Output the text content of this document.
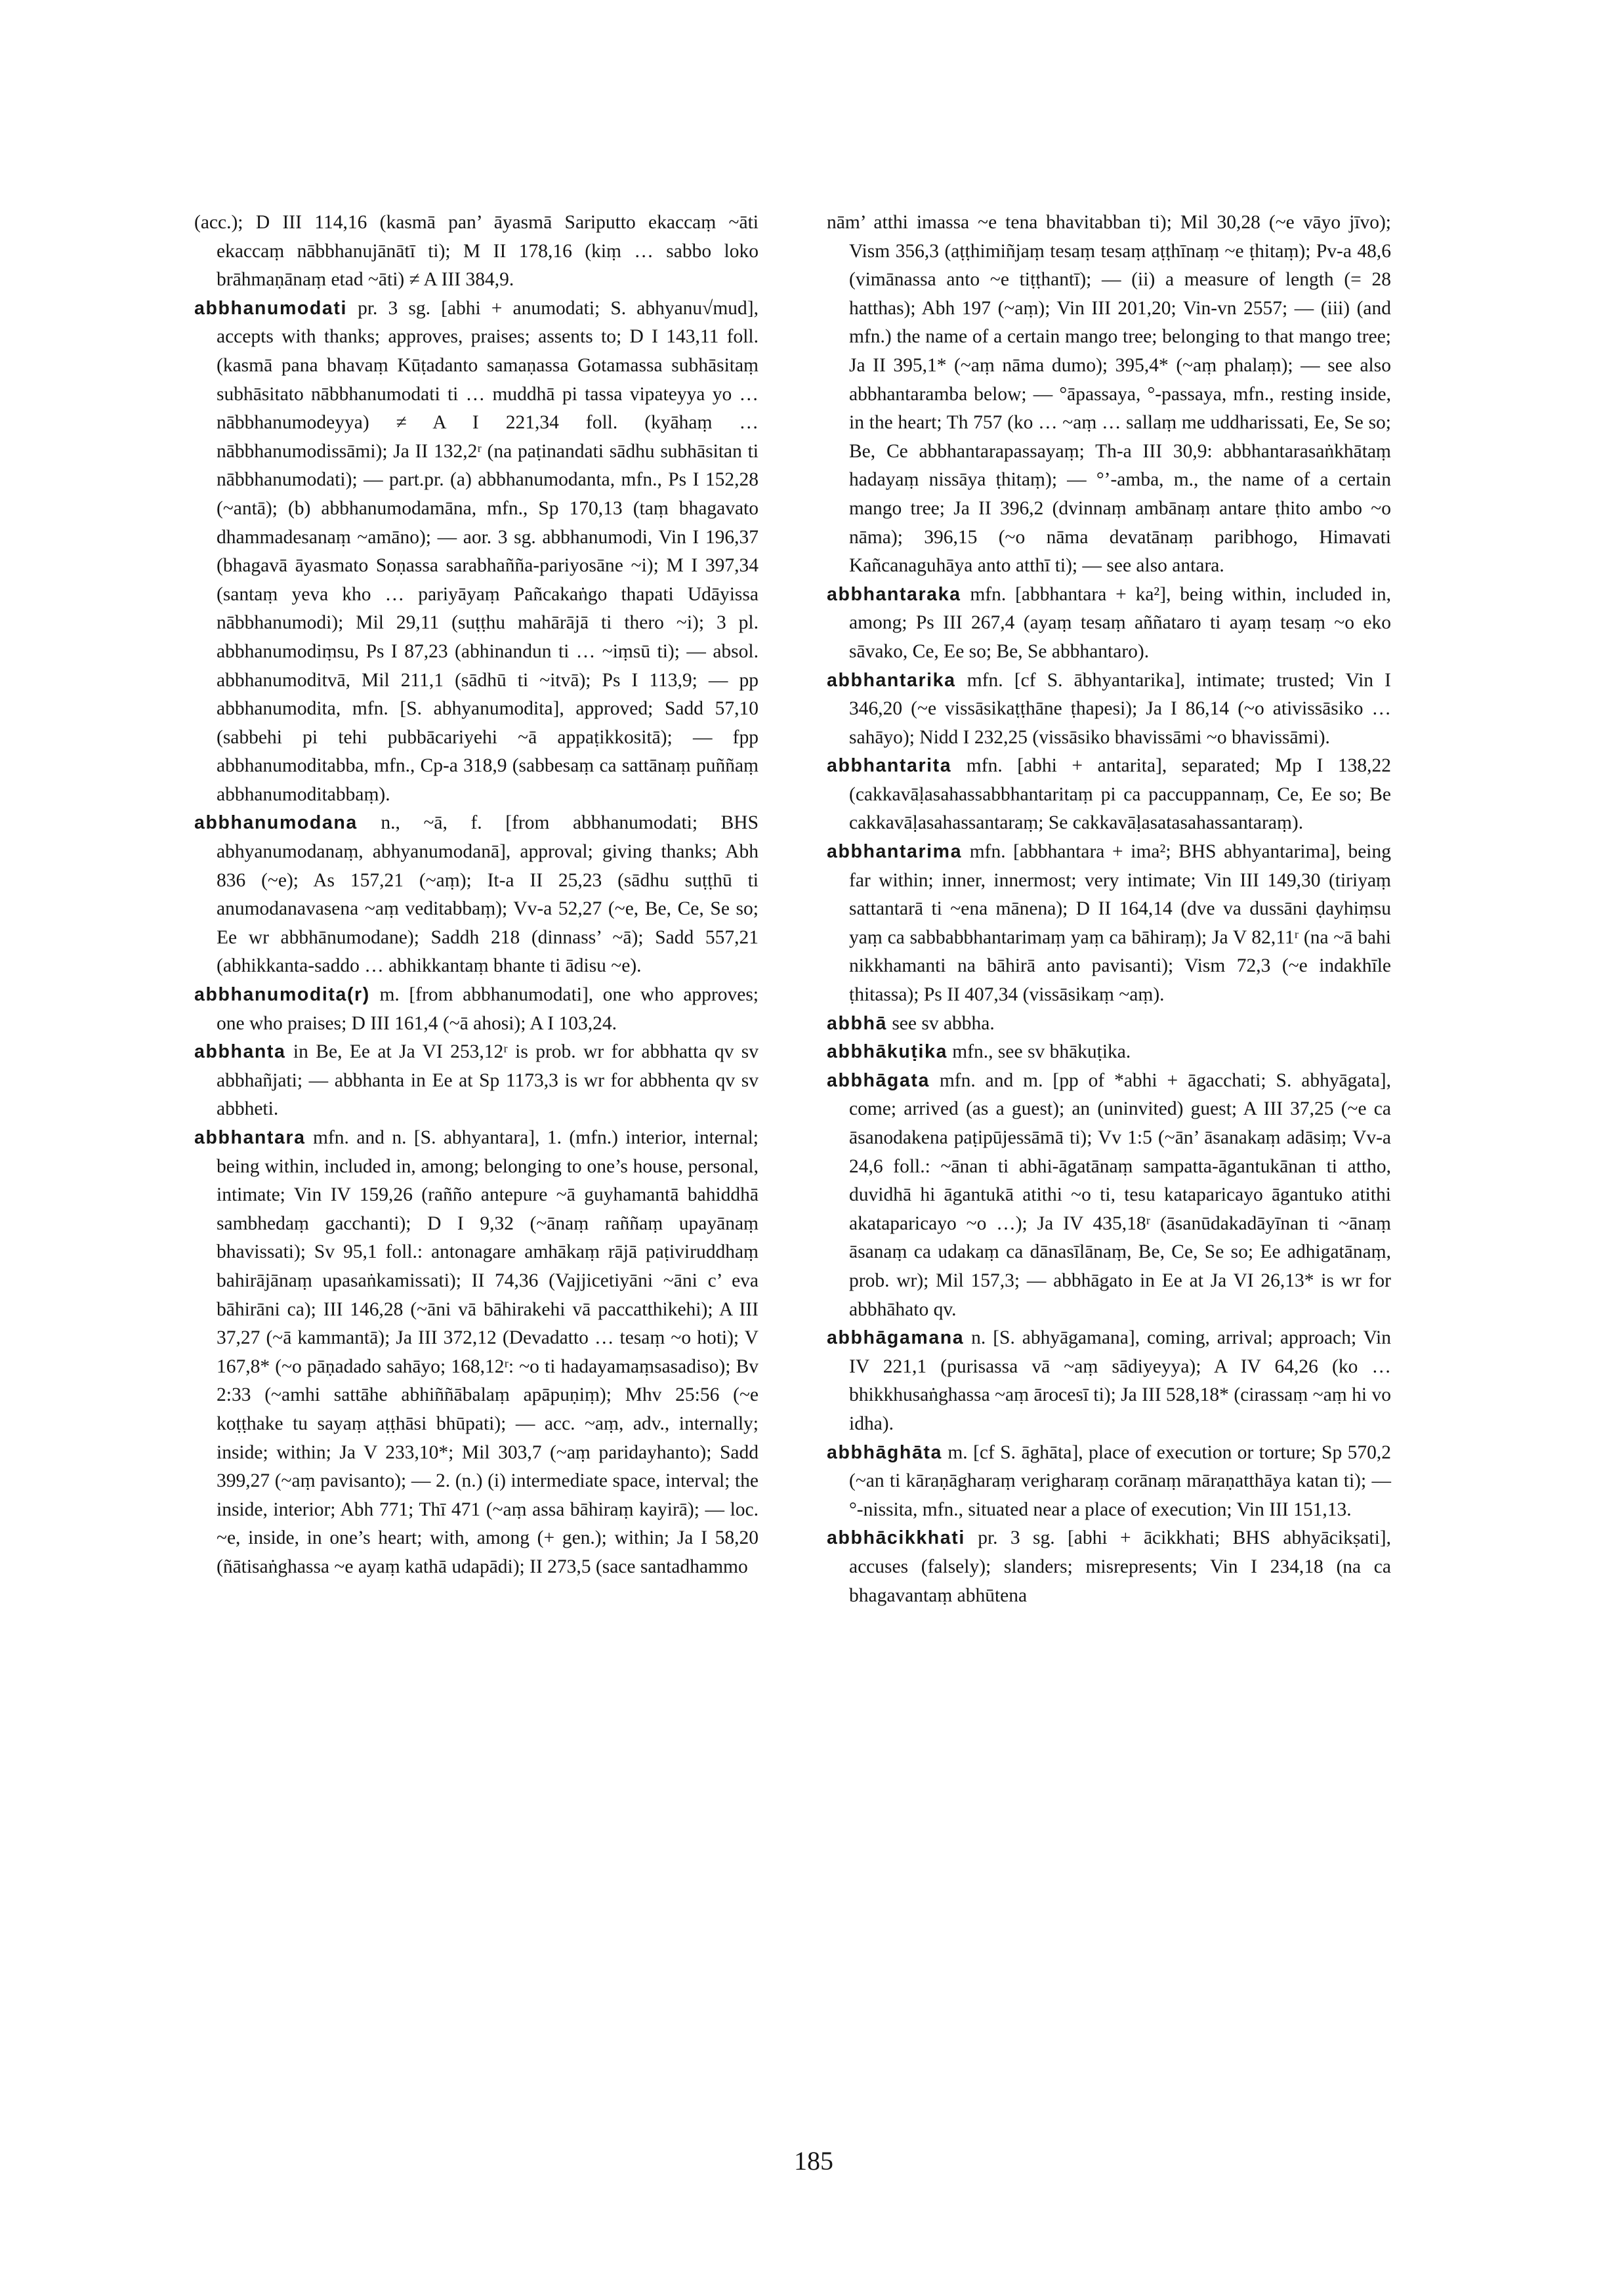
(acc.); D III 114,16 (kasmā pan’ āyasmā Sariputto ekaccaṃ ~āti ekaccaṃ nābbhanujānātī ti); M II 178,16 (kiṃ … sabbo loko brāhmaṇānaṃ etad ~āti) ≠ A III 384,9.

abbhanumodati pr. 3 sg. [abhi + anumodati; S. abhyanu√mud], accepts with thanks; approves, praises; assents to; D I 143,11 foll. (kasmā pana bhavaṃ Kūṭadanto samaṇassa Gotamassa subhāsitaṃ subhāsitato nābbhanumodati ti … muddhā pi tassa vipateyya yo … nābbhanumodeyya) ≠ A I 221,34 foll. (kyāhaṃ … nābbhanumodissāmi); Ja II 132,2ʳ (na paṭinandati sādhu subhāsitan ti nābbhanumodati); — part.pr. (a) abbhanumodanta, mfn., Ps I 152,28 (~antā); (b) abbhanumodamāna, mfn., Sp 170,13 (taṃ bhagavato dhammadesanaṃ ~amāno); — aor. 3 sg. abbhanumodi, Vin I 196,37 (bhagavā āyasmato Soṇassa sarabhañña-pariyosāne ~i); M I 397,34 (santaṃ yeva kho … pariyāyaṃ Pañcakaṅgo thapati Udāyissa nābbhanumodi); Mil 29,11 (suṭṭhu mahārājā ti thero ~i); 3 pl. abbhanumodiṃsu, Ps I 87,23 (abhinandun ti … ~iṃsū ti); — absol. abbhanumoditvā, Mil 211,1 (sādhū ti ~itvā); Ps I 113,9; — pp abbhanumodita, mfn. [S. abhyanumodita], approved; Sadd 57,10 (sabbehi pi tehi pubbācariyehi ~ā appaṭikkositā); — fpp abbhanumoditabba, mfn., Cp-a 318,9 (sabbesaṃ ca sattānaṃ puññaṃ abbhanumoditabbaṃ).

abbhanumodana n., ~ā, f. [from abbhanumodati; BHS abhyanumodanaṃ, abhyanumodanā], approval; giving thanks; Abh 836 (~e); As 157,21 (~aṃ); It-a II 25,23 (sādhu suṭṭhū ti anumodanavasena ~aṃ veditabbaṃ); Vv-a 52,27 (~e, Be, Ce, Se so; Ee wr abbhānumodane); Saddh 218 (dinnass’ ~ā); Sadd 557,21 (abhikkanta-saddo … abhikkantaṃ bhante ti ādisu ~e).

abbhanumodita(r) m. [from abbhanumodati], one who approves; one who praises; D III 161,4 (~ā ahosi); A I 103,24.

abbhanta in Be, Ee at Ja VI 253,12ʳ is prob. wr for abbhatta qv sv abbhañjati; — abbhanta in Ee at Sp 1173,3 is wr for abbhenta qv sv abbheti.

abbhantara mfn. and n. [S. abhyantara], 1. (mfn.) interior, internal; being within, included in, among; belonging to one’s house, personal, intimate; Vin IV 159,26 (rañño antepure ~ā guyhamantā bahiddhā sambhedaṃ gacchanti); D I 9,32 (~ānaṃ raññaṃ upayānaṃ bhavissati); Sv 95,1 foll.: antonagare amhākaṃ rājā paṭiviruddhaṃ bahirājānaṃ upasaṅkamissati); II 74,36 (Vajjicetiyāni ~āni c’ eva bāhirāni ca); III 146,28 (~āni vā bāhirakehi vā paccatthikehi); A III 37,27 (~ā kammantā); Ja III 372,12 (Devadatto … tesaṃ ~o hoti); V 167,8* (~o pāṇadado sahāyo; 168,12ʳ: ~o ti hadayamaṃsasadiso); Bv 2:33 (~amhi sattāhe abhiññābalaṃ apāpuṇiṃ); Mhv 25:56 (~e koṭṭhake tu sayaṃ aṭṭhāsi bhūpati); — acc. ~aṃ, adv., internally; inside; within; Ja V 233,10*; Mil 303,7 (~aṃ paridayhanto); Sadd 399,27 (~aṃ pavisanto); — 2. (n.) (i) intermediate space, interval; the inside, interior; Abh 771; Thī 471 (~aṃ assa bāhiraṃ kayirā); — loc. ~e, inside, in one’s heart; with, among (+ gen.); within; Ja I 58,20 (ñātisaṅghassa ~e ayaṃ kathā udapādi); II 273,5 (sace santadhammo

nām’ atthi imassa ~e tena bhavitabban ti); Mil 30,28 (~e vāyo jīvo); Vism 356,3 (aṭṭhimiñjaṃ tesaṃ tesaṃ aṭṭhīnaṃ ~e ṭhitaṃ); Pv-a 48,6 (vimānassa anto ~e tiṭṭhantī); — (ii) a measure of length (= 28 hatthas); Abh 197 (~aṃ); Vin III 201,20; Vin-vn 2557; — (iii) (and mfn.) the name of a certain mango tree; belonging to that mango tree; Ja II 395,1* (~aṃ nāma dumo); 395,4* (~aṃ phalaṃ); — see also abbhantaramba below; — °āpassaya, °-passaya, mfn., resting inside, in the heart; Th 757 (ko … ~aṃ … sallaṃ me uddharissati, Ee, Se so; Be, Ce abbhantarapassayaṃ; Th-a III 30,9: abbhantarasaṅkhātaṃ hadayaṃ nissāya ṭhitaṃ); — °’-amba, m., the name of a certain mango tree; Ja II 396,2 (dvinnaṃ ambānaṃ antare ṭhito ambo ~o nāma); 396,15 (~o nāma devatānaṃ paribhogo, Himavati Kañcanaguhāya anto atthī ti); — see also antara.

abbhantaraka mfn. [abbhantara + ka²], being within, included in, among; Ps III 267,4 (ayaṃ tesaṃ aññataro ti ayaṃ tesaṃ ~o eko sāvako, Ce, Ee so; Be, Se abbhantaro).

abbhantarika mfn. [cf S. ābhyantarika], intimate; trusted; Vin I 346,20 (~e vissāsikaṭṭhāne ṭhapesi); Ja I 86,14 (~o ativissāsiko … sahāyo); Nidd I 232,25 (vissāsiko bhavissāmi ~o bhavissāmi).

abbhantarita mfn. [abhi + antarita], separated; Mp I 138,22 (cakkavāḷasahassabbhantaritaṃ pi ca paccuppannaṃ, Ce, Ee so; Be cakkavāḷasahassantaraṃ; Se cakkavāḷasatasahassantaraṃ).

abbhantarima mfn. [abbhantara + ima²; BHS abhyantarima], being far within; inner, innermost; very intimate; Vin III 149,30 (tiriyaṃ sattantarā ti ~ena mānena); D II 164,14 (dve va dussāni ḍayhiṃsu yaṃ ca sabbabbhantarimaṃ yaṃ ca bāhiraṃ); Ja V 82,11ʳ (na ~ā bahi nikkhamanti na bāhirā anto pavisanti); Vism 72,3 (~e indakhīle ṭhitassa); Ps II 407,34 (vissāsikaṃ ~aṃ).

abbhā see sv abbha.

abbhākuṭika mfn., see sv bhākuṭika.

abbhāgata mfn. and m. [pp of *abhi + āgacchati; S. abhyāgata], come; arrived (as a guest); an (uninvited) guest; A III 37,25 (~e ca āsanodakena paṭipūjessāmā ti); Vv 1:5 (~ān’ āsanakaṃ adāsiṃ; Vv-a 24,6 foll.: ~ānan ti abhi-āgatānaṃ sampatta-āgantukānan ti attho, duvidhā hi āgantukā atithi ~o ti, tesu kataparicayo āgantuko atithi akataparicayo ~o …); Ja IV 435,18ʳ (āsanūdakadāyīnan ti ~ānaṃ āsanaṃ ca udakaṃ ca dānasīlānaṃ, Be, Ce, Se so; Ee adhigatānaṃ, prob. wr); Mil 157,3; — abbhāgato in Ee at Ja VI 26,13* is wr for abbhāhato qv.

abbhāgamana n. [S. abhyāgamana], coming, arrival; approach; Vin IV 221,1 (purisassa vā ~aṃ sādiyeyya); A IV 64,26 (ko … bhikkhusaṅghassa ~aṃ ārocesī ti); Ja III 528,18* (cirassaṃ ~aṃ hi vo idha).

abbhāghāta m. [cf S. āghāta], place of execution or torture; Sp 570,2 (~an ti kāraṇāgharaṃ verigharaṃ corānaṃ māraṇatthāya katan ti); — °-nissita, mfn., situated near a place of execution; Vin III 151,13.

abbhācikkhati pr. 3 sg. [abhi + ācikkhati; BHS abhyācikṣati], accuses (falsely); slanders; misrepresents; Vin I 234,18 (na ca bhagavantaṃ abhūtena

185
